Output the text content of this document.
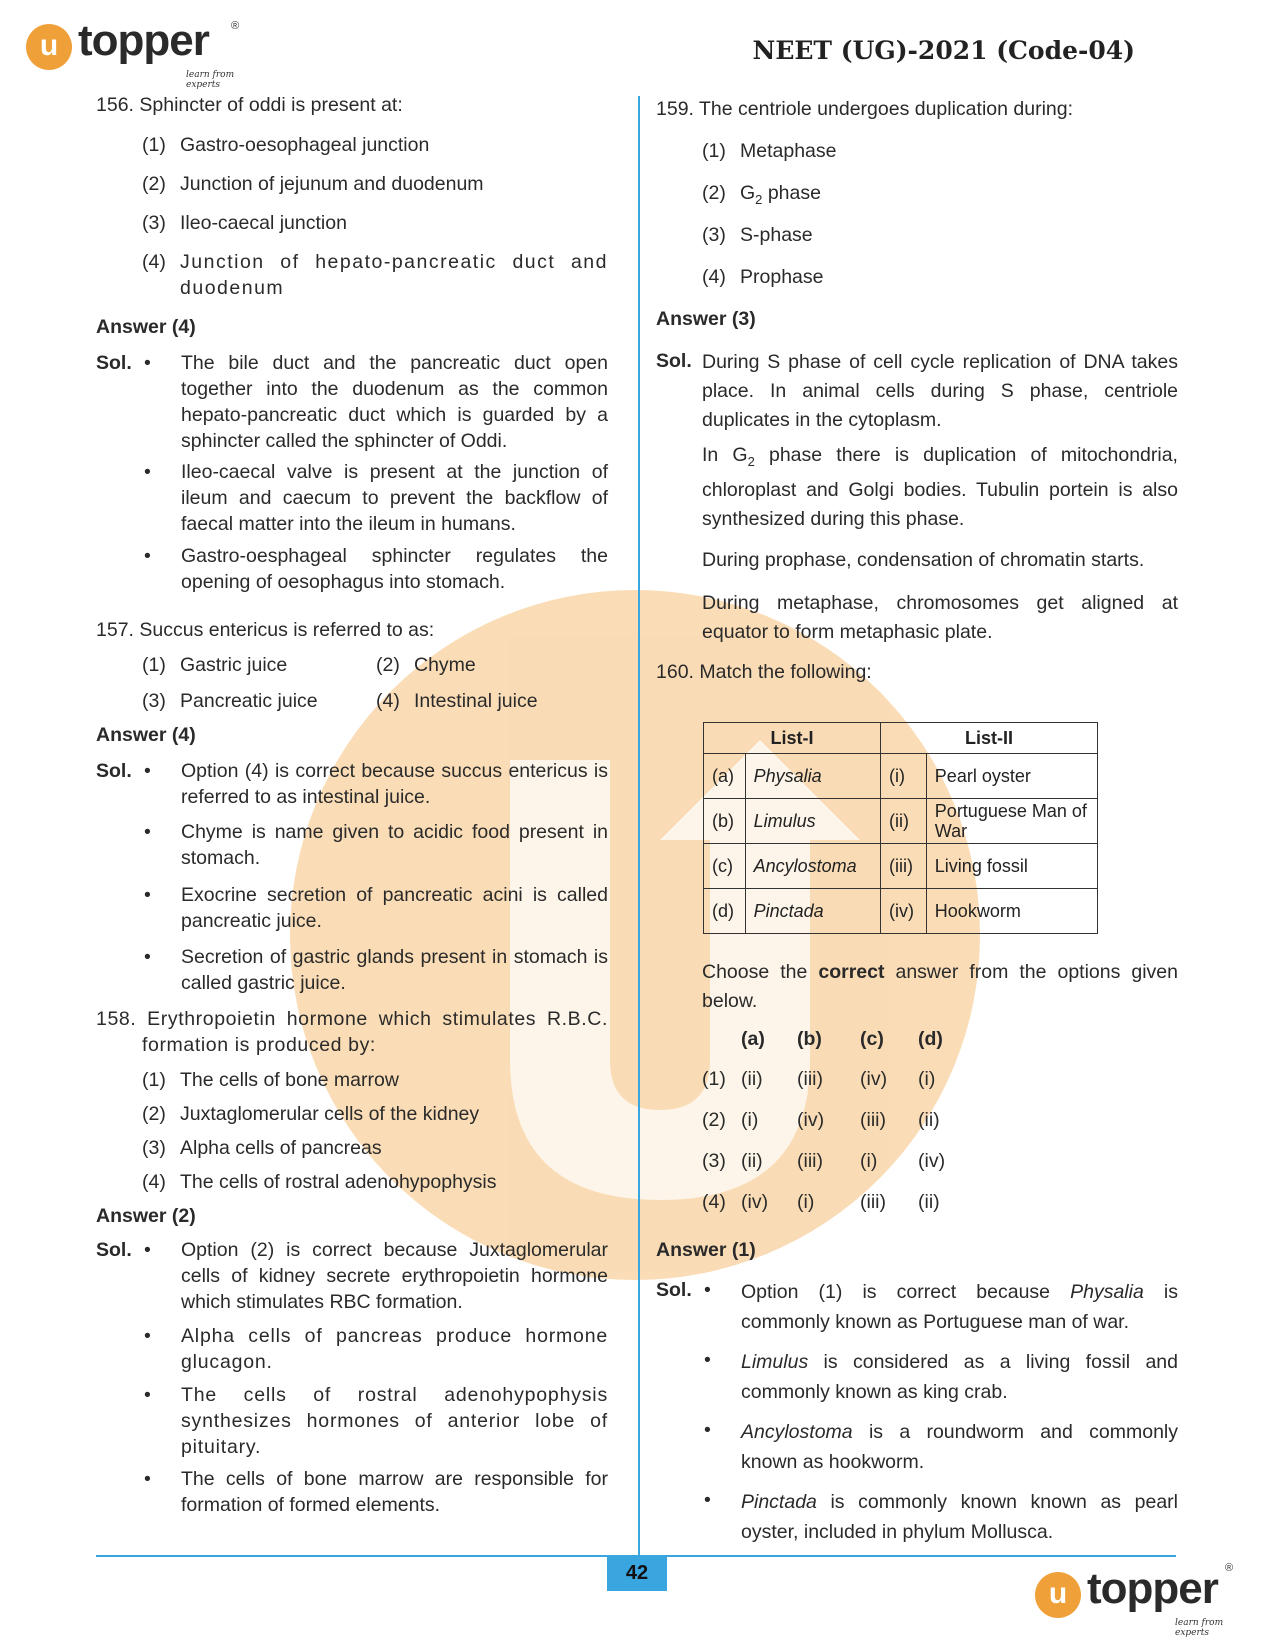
u topper ®
learn from experts
NEET (UG)-2021 (Code-04)
156. Sphincter of oddi is present at:
(1) Gastro-oesophageal junction
(2) Junction of jejunum and duodenum
(3) Ileo-caecal junction
(4) Junction of hepato-pancreatic duct and duodenum
Answer (4)
Sol. • The bile duct and the pancreatic duct open together into the duodenum as the common hepato-pancreatic duct which is guarded by a sphincter called the sphincter of Oddi.
• Ileo-caecal valve is present at the junction of ileum and caecum to prevent the backflow of faecal matter into the ileum in humans.
• Gastro-oesphageal sphincter regulates the opening of oesophagus into stomach.
157. Succus entericus is referred to as:
(1) Gastric juice	(2) Chyme
(3) Pancreatic juice	(4) Intestinal juice
Answer (4)
Sol. • Option (4) is correct because succus entericus is referred to as intestinal juice.
• Chyme is name given to acidic food present in stomach.
• Exocrine secretion of pancreatic acini is called pancreatic juice.
• Secretion of gastric glands present in stomach is called gastric juice.
158. Erythropoietin hormone which stimulates R.B.C. formation is produced by:
(1) The cells of bone marrow
(2) Juxtaglomerular cells of the kidney
(3) Alpha cells of pancreas
(4) The cells of rostral adenohypophysis
Answer (2)
Sol. • Option (2) is correct because Juxtaglomerular cells of kidney secrete erythropoietin hormone which stimulates RBC formation.
• Alpha cells of pancreas produce hormone glucagon.
• The cells of rostral adenohypophysis synthesizes hormones of anterior lobe of pituitary.
• The cells of bone marrow are responsible for formation of formed elements.
159. The centriole undergoes duplication during:
(1) Metaphase
(2) $G_2$ phase
(3) S-phase
(4) Prophase
Answer (3)
Sol. During S phase of cell cycle replication of DNA takes place. In animal cells during S phase, centriole duplicates in the cytoplasm.
In $G_2$ phase there is duplication of mitochondria, chloroplast and Golgi bodies. Tubulin portein is also synthesized during this phase.
During prophase, condensation of chromatin starts.
During metaphase, chromosomes get aligned at equator to form metaphasic plate.
160. Match the following:
List-I		List-II	
(a)	Physalia	(i)	Pearl oyster
(b)	Limulus	(ii)	Portuguese Man of War
(c)	Ancylostoma	(iii)	Living fossil
(d)	Pinctada	(iv)	Hookworm
Choose the correct answer from the options given below.
(a) (b) (c) (d)
(1) (ii) (iii) (iv) (i)
(2) (i) (iv) (iii) (ii)
(3) (ii) (iii) (i) (iv)
(4) (iv) (i) (iii) (ii)
Answer (1)
Sol. • Option (1) is correct because Physalia is commonly known as Portuguese man of war.
• Limulus is considered as a living fossil and commonly known as king crab.
• Ancylostoma is a roundworm and commonly known as hookworm.
• Pinctada is commonly known known as pearl oyster, included in phylum Mollusca.
42
u topper ®
learn from experts
